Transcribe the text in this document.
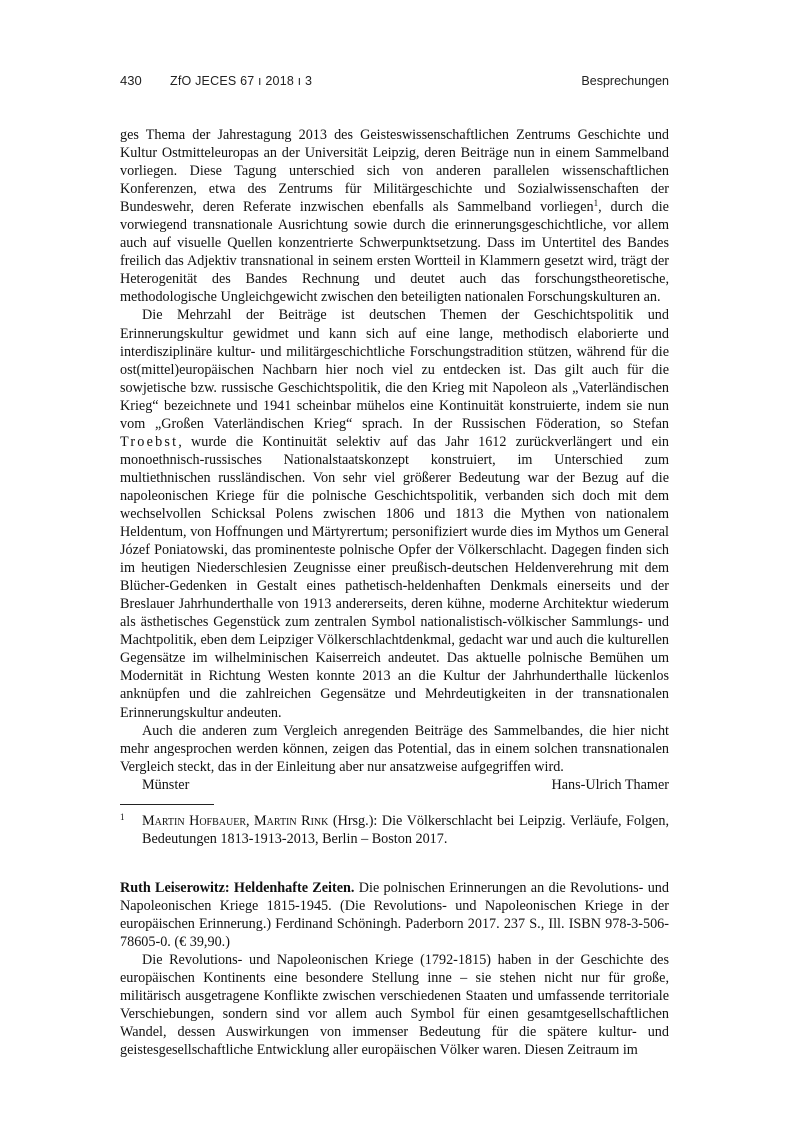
430 ZfO JECES 67 ı 2018 ı 3	Besprechungen

ges Thema der Jahrestagung 2013 des Geisteswissenschaftlichen Zentrums Geschichte und Kultur Ostmitteleuropas an der Universität Leipzig, deren Beiträge nun in einem Sammelband vorliegen. Diese Tagung unterschied sich von anderen parallelen wissenschaftlichen Konferenzen, etwa des Zentrums für Militärgeschichte und Sozialwissenschaften der Bundeswehr, deren Referate inzwischen ebenfalls als Sammelband vorliegen$^1$, durch die vorwiegend transnationale Ausrichtung sowie durch die erinnerungsgeschichtliche, vor allem auch auf visuelle Quellen konzentrierte Schwerpunktsetzung. Dass im Untertitel des Bandes freilich das Adjektiv transnational in seinem ersten Wortteil in Klammern gesetzt wird, trägt der Heterogenität des Bandes Rechnung und deutet auch das forschungstheoretische, methodologische Ungleichgewicht zwischen den beteiligten nationalen Forschungskulturen an.

Die Mehrzahl der Beiträge ist deutschen Themen der Geschichtspolitik und Erinnerungskultur gewidmet und kann sich auf eine lange, methodisch elaborierte und interdisziplinäre kultur- und militärgeschichtliche Forschungstradition stützen, während für die ost(mittel)europäischen Nachbarn hier noch viel zu entdecken ist. Das gilt auch für die sowjetische bzw. russische Geschichtspolitik, die den Krieg mit Napoleon als „Vaterländischen Krieg“ bezeichnete und 1941 scheinbar mühelos eine Kontinuität konstruierte, indem sie nun vom „Großen Vaterländischen Krieg“ sprach. In der Russischen Föderation, so Stefan Troebst, wurde die Kontinuität selektiv auf das Jahr 1612 zurückverlängert und ein monoethnisch-russisches Nationalstaatskonzept konstruiert, im Unterschied zum multiethnischen russländischen. Von sehr viel größerer Bedeutung war der Bezug auf die napoleonischen Kriege für die polnische Geschichtspolitik, verbanden sich doch mit dem wechselvollen Schicksal Polens zwischen 1806 und 1813 die Mythen von nationalem Heldentum, von Hoffnungen und Märtyrertum; personifiziert wurde dies im Mythos um General Józef Poniatowski, das prominenteste polnische Opfer der Völkerschlacht. Dagegen finden sich im heutigen Niederschlesien Zeugnisse einer preußisch-deutschen Heldenverehrung mit dem Blücher-Gedenken in Gestalt eines pathetisch-heldenhaften Denkmals einerseits und der Breslauer Jahrhunderthalle von 1913 andererseits, deren kühne, moderne Architektur wiederum als ästhetisches Gegenstück zum zentralen Symbol nationalistisch-völkischer Sammlungs- und Machtpolitik, eben dem Leipziger Völkerschlachtdenkmal, gedacht war und auch die kulturellen Gegensätze im wilhelminischen Kaiserreich andeutet. Das aktuelle polnische Bemühen um Modernität in Richtung Westen konnte 2013 an die Kultur der Jahrhunderthalle lückenlos anknüpfen und die zahlreichen Gegensätze und Mehrdeutigkeiten in der transnationalen Erinnerungskultur andeuten.

Auch die anderen zum Vergleich anregenden Beiträge des Sammelbandes, die hier nicht mehr angesprochen werden können, zeigen das Potential, das in einem solchen transnationalen Vergleich steckt, das in der Einleitung aber nur ansatzweise aufgegriffen wird.

Münster	Hans-Ulrich Thamer
1 Martin Hofbauer, Martin Rink (Hrsg.): Die Völkerschlacht bei Leipzig. Verläufe, Folgen, Bedeutungen 1813-1913-2013, Berlin – Boston 2017.

Ruth Leiserowitz: Heldenhafte Zeiten. Die polnischen Erinnerungen an die Revolutions- und Napoleonischen Kriege 1815-1945. (Die Revolutions- und Napoleonischen Kriege in der europäischen Erinnerung.) Ferdinand Schöningh. Paderborn 2017. 237 S., Ill. ISBN 978-3-506-78605-0. (€ 39,90.)

Die Revolutions- und Napoleonischen Kriege (1792-1815) haben in der Geschichte des europäischen Kontinents eine besondere Stellung inne – sie stehen nicht nur für große, militärisch ausgetragene Konflikte zwischen verschiedenen Staaten und umfassende territoriale Verschiebungen, sondern sind vor allem auch Symbol für einen gesamtgesellschaftlichen Wandel, dessen Auswirkungen von immenser Bedeutung für die spätere kultur- und geistesgesellschaftliche Entwicklung aller europäischen Völker waren. Diesen Zeitraum im
